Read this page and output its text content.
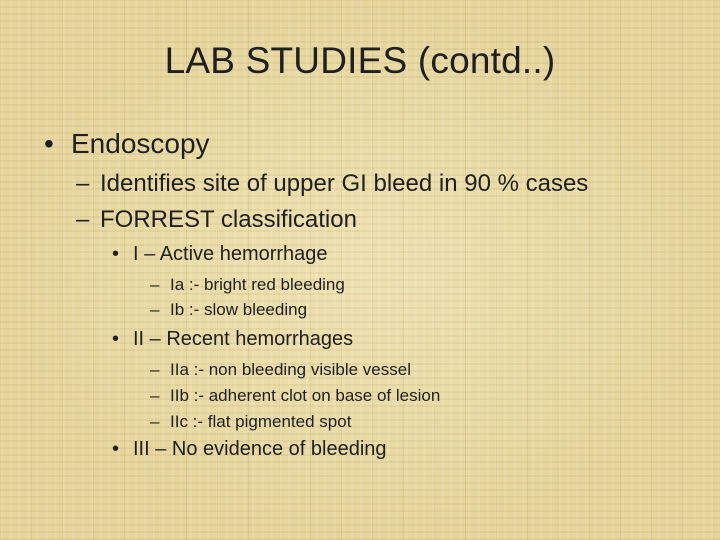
LAB STUDIES (contd..)
• Endoscopy
– Identifies site of upper GI bleed in 90 % cases
– FORREST classification
• I – Active hemorrhage
– Ia :- bright red bleeding
– Ib :- slow bleeding
• II – Recent hemorrhages
– IIa :- non bleeding visible vessel
– IIb :- adherent clot on base of lesion
– IIc :- flat pigmented spot
• III – No evidence of bleeding
